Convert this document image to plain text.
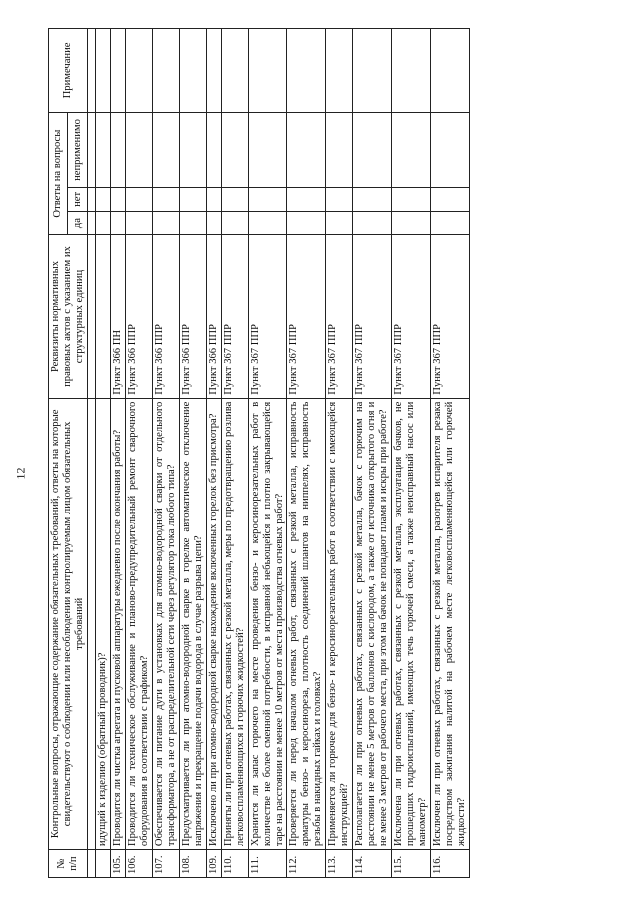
12
№
п/п	Контрольные вопросы, отражающие содержание обязательных требований, ответы на которые свидетельствуют о соблюдении или несоблюдении контролируемым лицом обязательных требований	Реквизиты нормативных правовых актов с указанием их структурных единиц	Ответы на вопросы			Примечание
			да	нет	неприменимо	

	идущий к изделию (обратный проводник)?					
105.	Проводится ли чистка агрегата и пусковой аппаратуры ежедневно после окончания работы?	Пункт 366 ПН				
106.	Проводится ли техническое обслуживание и планово-предупредительный ремонт сварочного оборудования в соответствии с графиком?	Пункт 366 ППР				
107.	Обеспечивается ли питание дуги в установках для атомно-водородной сварки от отдельного трансформатора, а не от распределительной сети через регулятор тока любого типа?	Пункт 366 ППР				
108.	Предусматривается ли при атомно-водородной сварке в горелке автоматическое отключение напряжения и прекращение подачи водорода в случае разрыва цепи?	Пункт 366 ППР				
109.	Исключено ли при атомно-водородной сварке нахождение включенных горелок без присмотра?	Пункт 366 ППР				
110.	Приняты ли при огневых работах, связанных с резкой металла, меры по предотвращению розлива легковоспламеняющихся и горючих жидкостей?	Пункт 367 ППР				
111.	Хранится ли запас горючего на месте проведения бензо- и керосинорезательных работ в количестве не более сменной потребности, в исправной небьющейся и плотно закрывающейся таре на расстоянии не менее 10 метров от места производства огневых работ?	Пункт 367 ППР				
112.	Проверяется ли перед началом огневых работ, связанных с резкой металла, исправность арматуры бензо- и керосинореза, плотность соединений шлангов на ниппелях, исправность резьбы в накидных гайках и головках?	Пункт 367 ППР				
113.	Применяется ли горючее для бензо- и керосинорезательных работ в соответствии с имеющейся инструкцией?	Пункт 367 ППР				
114.	Располагается ли при огневых работах, связанных с резкой металла, бачок с горючим на расстоянии не менее 5 метров от баллонов с кислородом, а также от источника открытого огня и не менее 3 метров от рабочего места, при этом на бачок не попадают пламя и искры при работе?	Пункт 367 ППР				
115.	Исключена ли при огневых работах, связанных с резкой металла, эксплуатация бачков, не прошедших гидроиспытаний, имеющих течь горючей смеси, а также неисправный насос или манометр?	Пункт 367 ППР				
116.	Исключен ли при огневых работах, связанных с резкой металла, разогрев испарителя резака посредством зажигания налитой на рабочем месте легковоспламеняющейся или горючей жидкости?	Пункт 367 ППР				
